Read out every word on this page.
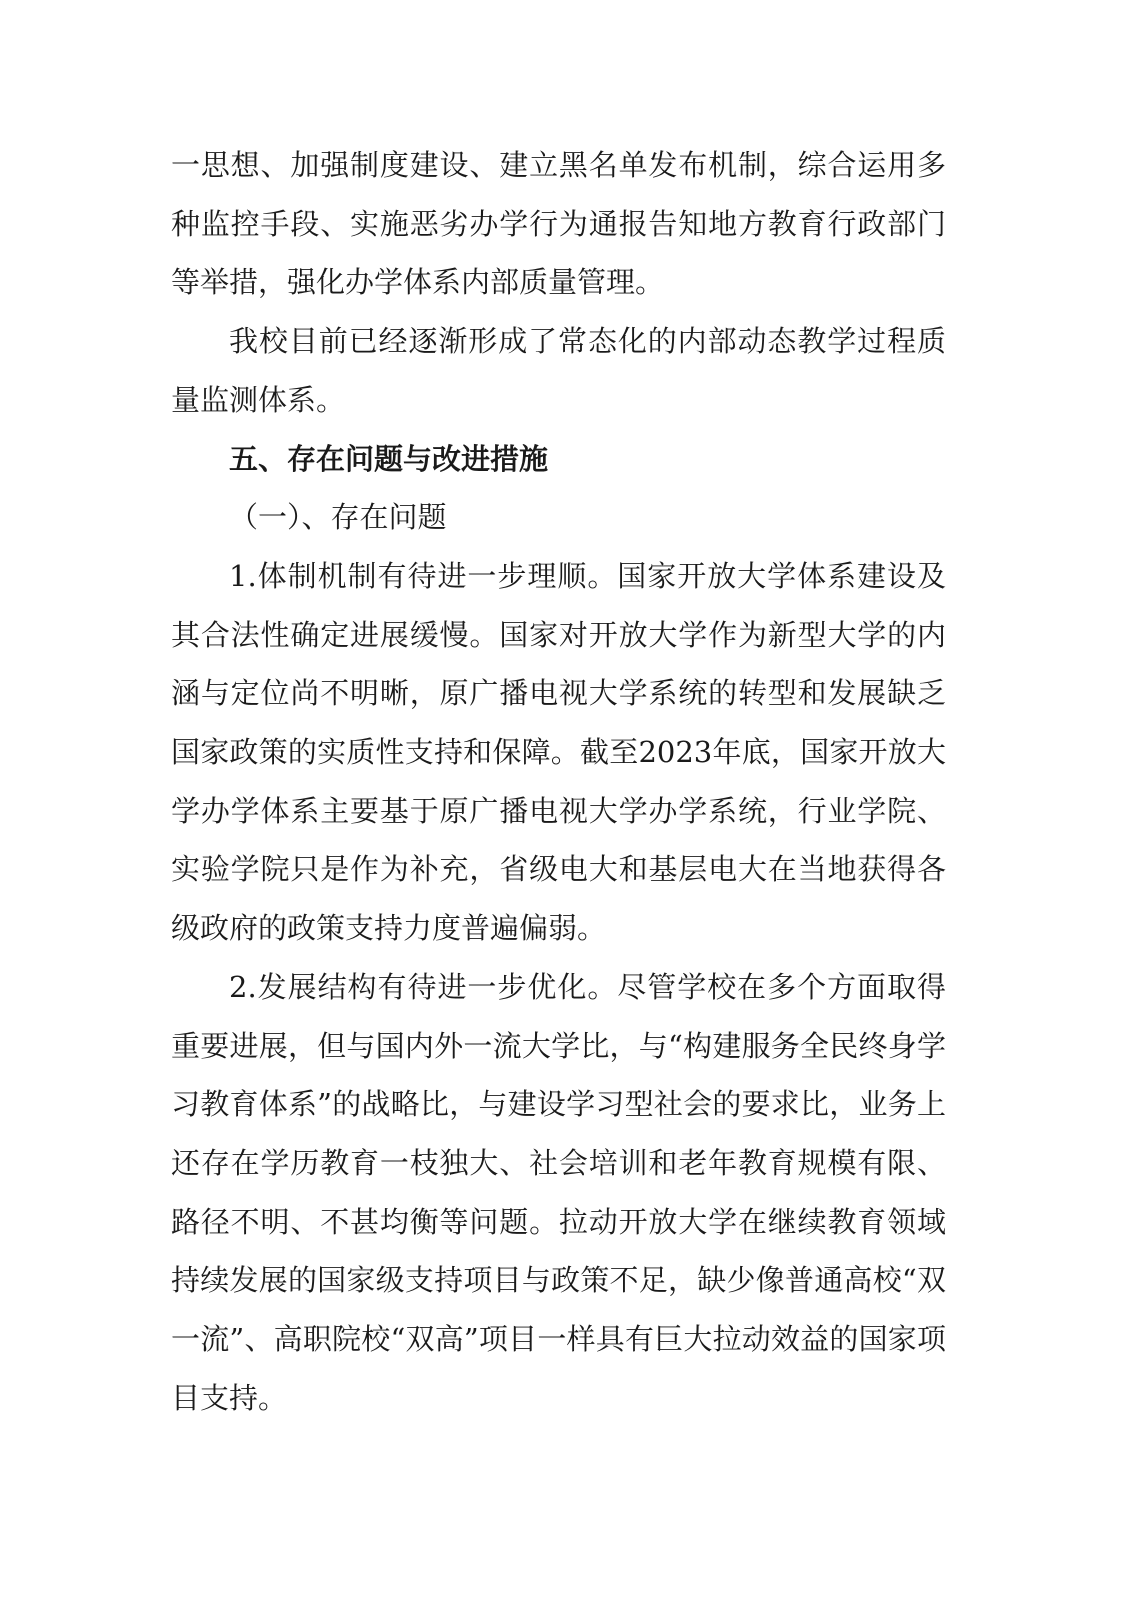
一思想、加强制度建设、建立黑名单发布机制，综合运用多种监控手段、实施恶劣办学行为通报告知地方教育行政部门等举措，强化办学体系内部质量管理。

我校目前已经逐渐形成了常态化的内部动态教学过程质量监测体系。

五、存在问题与改进措施

（一）、存在问题

1.体制机制有待进一步理顺。国家开放大学体系建设及其合法性确定进展缓慢。国家对开放大学作为新型大学的内涵与定位尚不明晰，原广播电视大学系统的转型和发展缺乏国家政策的实质性支持和保障。截至2023年底，国家开放大学办学体系主要基于原广播电视大学办学系统，行业学院、实验学院只是作为补充，省级电大和基层电大在当地获得各级政府的政策支持力度普遍偏弱。

2.发展结构有待进一步优化。尽管学校在多个方面取得重要进展，但与国内外一流大学比，与“构建服务全民终身学习教育体系”的战略比，与建设学习型社会的要求比，业务上还存在学历教育一枝独大、社会培训和老年教育规模有限、路径不明、不甚均衡等问题。拉动开放大学在继续教育领域持续发展的国家级支持项目与政策不足，缺少像普通高校“双一流”、高职院校“双高”项目一样具有巨大拉动效益的国家项目支持。
